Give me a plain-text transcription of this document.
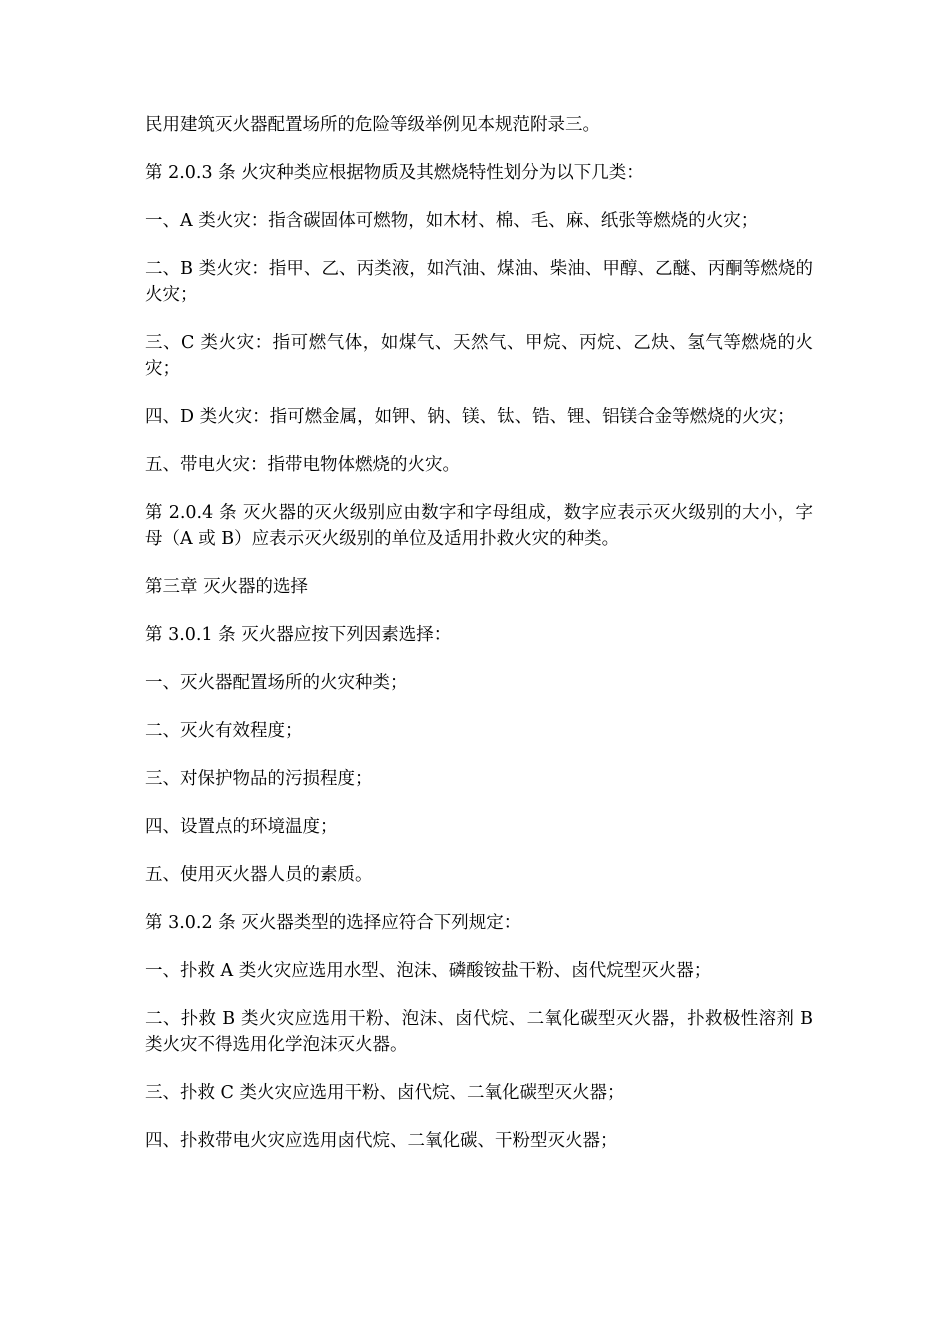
民用建筑灭火器配置场所的危险等级举例见本规范附录三。

第 2.0.3 条 火灾种类应根据物质及其燃烧特性划分为以下几类：

一、A 类火灾：指含碳固体可燃物，如木材、棉、毛、麻、纸张等燃烧的火灾；

二、B 类火灾：指甲、乙、丙类液，如汽油、煤油、柴油、甲醇、乙醚、丙酮等燃烧的火灾；

三、C 类火灾：指可燃气体，如煤气、天然气、甲烷、丙烷、乙炔、氢气等燃烧的火灾；

四、D 类火灾：指可燃金属，如钾、钠、镁、钛、锆、锂、铝镁合金等燃烧的火灾；

五、带电火灾：指带电物体燃烧的火灾。

第 2.0.4 条 灭火器的灭火级别应由数字和字母组成，数字应表示灭火级别的大小，字母（A 或 B）应表示灭火级别的单位及适用扑救火灾的种类。

第三章 灭火器的选择

第 3.0.1 条 灭火器应按下列因素选择：

一、灭火器配置场所的火灾种类；

二、灭火有效程度；

三、对保护物品的污损程度；

四、设置点的环境温度；

五、使用灭火器人员的素质。

第 3.0.2 条 灭火器类型的选择应符合下列规定：

一、扑救 A 类火灾应选用水型、泡沫、磷酸铵盐干粉、卤代烷型灭火器；

二、扑救 B 类火灾应选用干粉、泡沫、卤代烷、二氧化碳型灭火器，扑救极性溶剂 B 类火灾不得选用化学泡沫灭火器。

三、扑救 C 类火灾应选用干粉、卤代烷、二氧化碳型灭火器；

四、扑救带电火灾应选用卤代烷、二氧化碳、干粉型灭火器；
